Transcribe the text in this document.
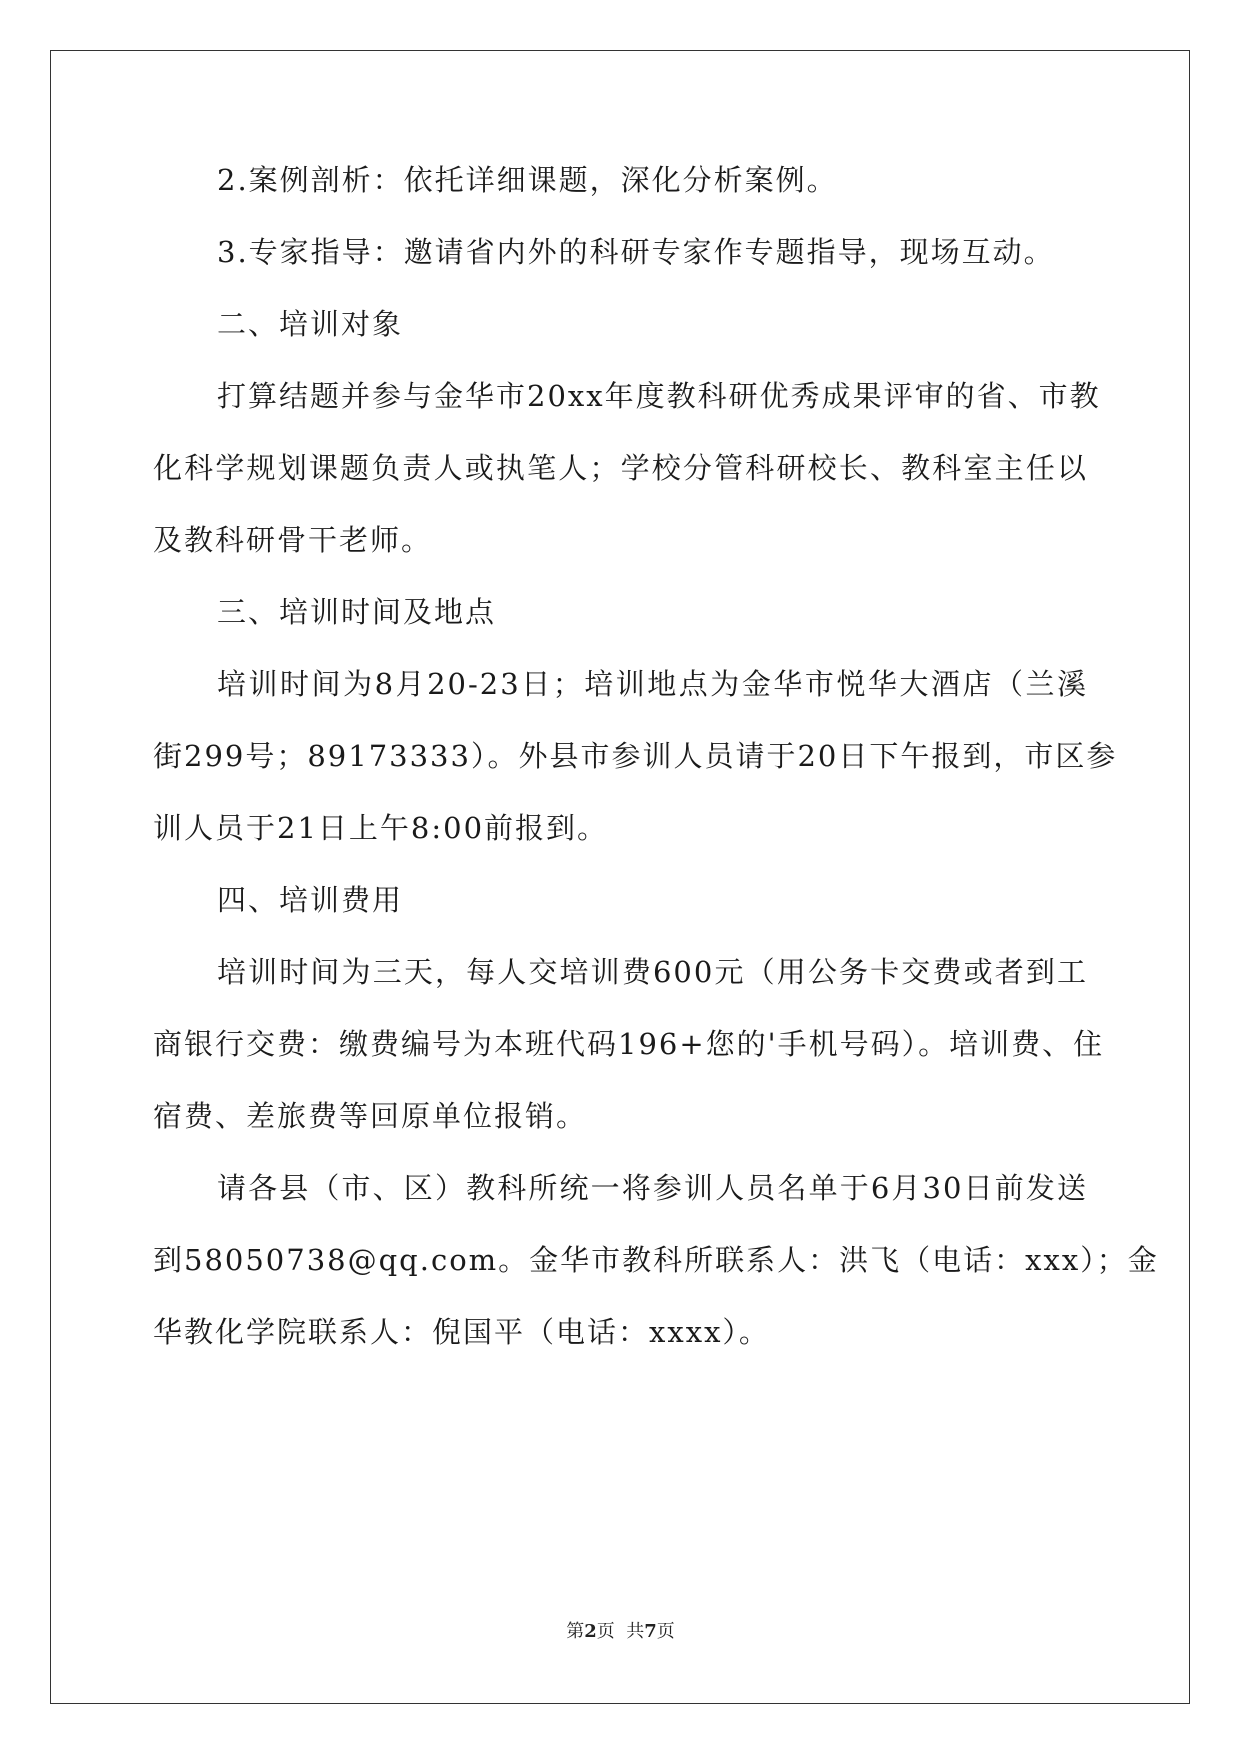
2.案例剖析：依托详细课题，深化分析案例。
3.专家指导：邀请省内外的科研专家作专题指导，现场互动。
二、培训对象
打算结题并参与金华市20xx年度教科研优秀成果评审的省、市教
化科学规划课题负责人或执笔人；学校分管科研校长、教科室主任以
及教科研骨干老师。
三、培训时间及地点
培训时间为8月20-23日；培训地点为金华市悦华大酒店（兰溪
街299号；89173333）。外县市参训人员请于20日下午报到，市区参
训人员于21日上午8:00前报到。
四、培训费用
培训时间为三天，每人交培训费600元（用公务卡交费或者到工
商银行交费：缴费编号为本班代码196+您的'手机号码）。培训费、住
宿费、差旅费等回原单位报销。
请各县（市、区）教科所统一将参训人员名单于6月30日前发送
到58050738@qq.com。金华市教科所联系人：洪飞（电话：xxx）；金
华教化学院联系人：倪国平（电话：xxxx）。
第2页  共7页
